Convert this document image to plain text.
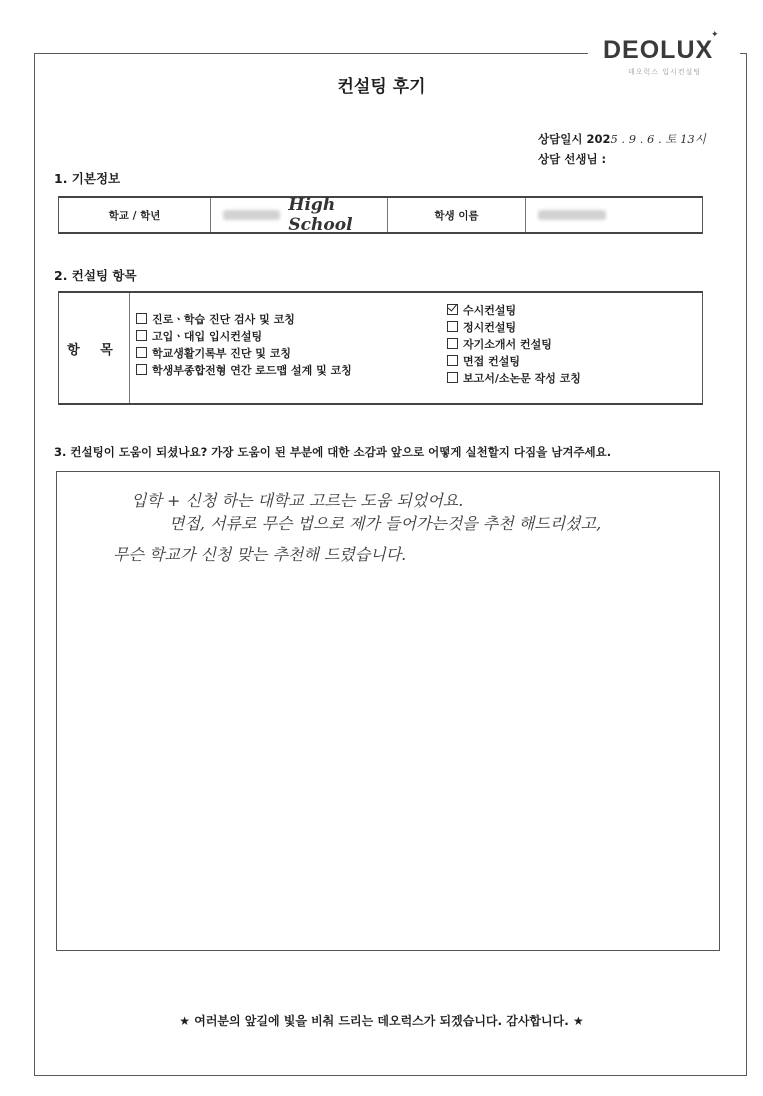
DEOLUX
✦
데오럭스 입시컨설팅
컨설팅 후기
상담일시 2025 . 9 . 6 . 토 13시
상담 선생님 :
1. 기본정보
학교 / 학년
High School	학생 이름
2. 컨설팅 항목
항 목
진로ㆍ학습 진단 검사 및 코칭
고입ㆍ대입 입시컨설팅
학교생활기록부 진단 및 코칭
학생부종합전형 연간 로드맵 설계 및 코칭
수시컨설팅
정시컨설팅
자기소개서 컨설팅
면접 컨설팅
보고서/소논문 작성 코칭
3. 컨설팅이 도움이 되셨나요? 가장 도움이 된 부분에 대한 소감과 앞으로 어떻게 실천할지 다짐을 남겨주세요.
입학 + 신청 하는 대학교 고르는 도움 되었어요.
면접, 서류로 무슨 법으로 제가 들어가는것을 추천 해드리셨고,
무슨 학교가 신청 맞는 추천해 드렸습니다.
★ 여러분의 앞길에 빛을 비춰 드리는 데오럭스가 되겠습니다. 감사합니다. ★
